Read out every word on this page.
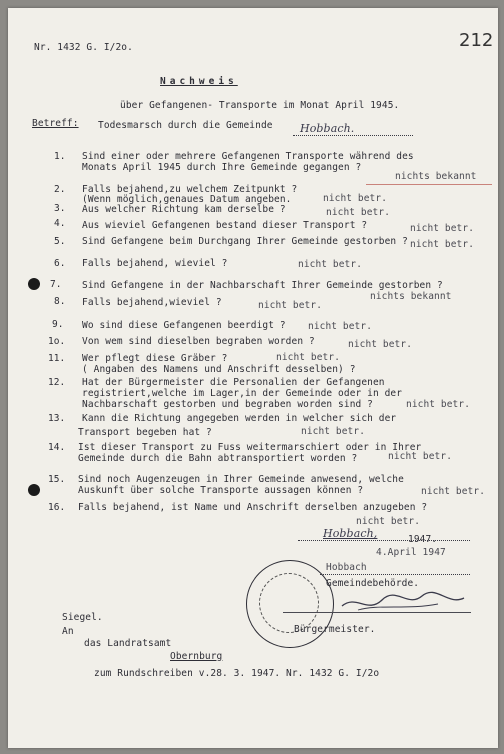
Nr. 1432 G. I/2o.	212
Nachweis
über Gefangenen- Transporte im Monat April 1945.
Betreff: Todesmarsch durch die Gemeinde Hobbach.
1. Sind einer oder mehrere Gefangenen Transporte während des
Monats April 1945 durch Ihre Gemeinde gegangen ?
nichts bekannt
2. Falls bejahend,zu welchem Zeitpunkt ?
(Wenn möglich,genaues Datum angeben.	nicht betr.
3. Aus welcher Richtung kam derselbe ?	nicht betr.
4. Aus wieviel Gefangenen bestand dieser Transport ?	nicht betr.
5. Sind Gefangene beim Durchgang Ihrer Gemeinde gestorben ? nicht betr.
6. Falls bejahend, wieviel ?	nicht betr.
7. Sind Gefangene in der Nachbarschaft Ihrer Gemeinde gestorben ?
nichts bekannt
8. Falls bejahend,wieviel ?	nicht betr.
9. Wo sind diese Gefangenen beerdigt ? nicht betr.
1o. Von wem sind dieselben begraben worden ?	nicht betr.
11. Wer pflegt diese Gräber ?
( Angaben des Namens und Anschrift desselben) ?
nicht betr.
12. Hat der Bürgermeister die Personalien der Gefangenen
registriert,welche im Lager,in der Gemeinde oder in der
Nachbarschaft gestorben und begraben worden sind ?	nicht betr.
13. Kann die Richtung angegeben werden in welcher sich der
Transport begeben hat ?	nicht betr.
14. Ist dieser Transport zu Fuss weitermarschiert oder in Ihrer
Gemeinde durch die Bahn abtransportiert worden ?	nicht betr.
15. Sind noch Augenzeugen in Ihrer Gemeinde anwesend, welche
Auskunft über solche Transporte aussagen können ?	nicht betr.
16. Falls bejahend, ist Name und Anschrift derselben anzugeben ?
nicht betr.
Hobbach,	1947.
4.April 1947
Hobbach
Gemeindebehörde.
Bürgermeister.
Siegel.
An
das Landratsamt
Obernburg
zum Rundschreiben v.28. 3. 1947. Nr. 1432 G. I/2o
